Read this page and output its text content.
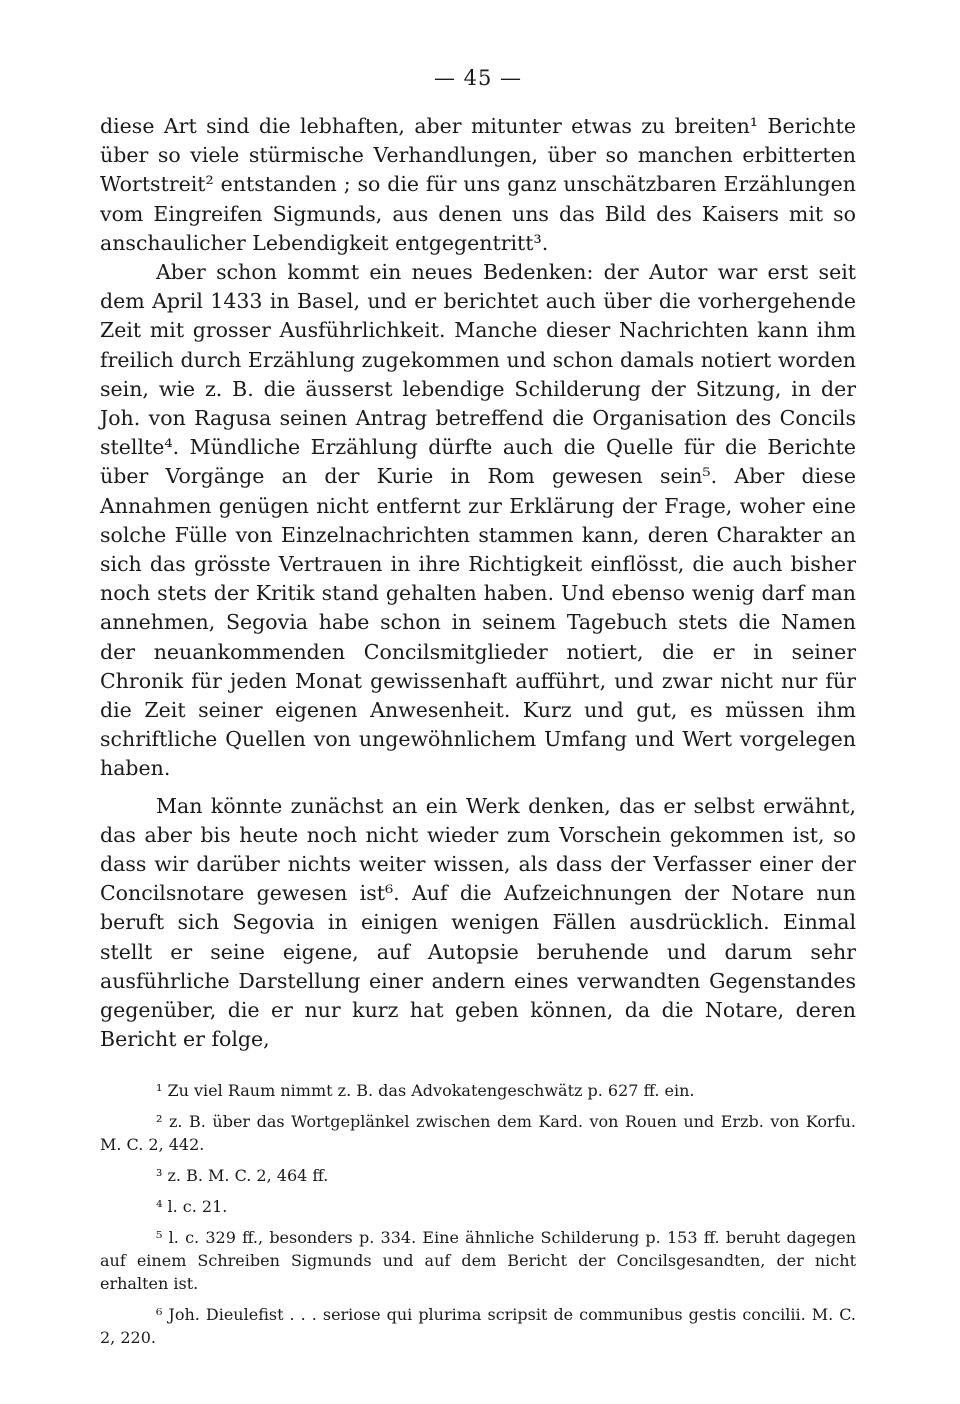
— 45 —

diese Art sind die lebhaften, aber mitunter etwas zu breiten¹ Berichte über so viele stürmische Verhandlungen, über so manchen erbitterten Wortstreit² entstanden ; so die für uns ganz unschätzbaren Erzählungen vom Eingreifen Sigmunds, aus denen uns das Bild des Kaisers mit so anschaulicher Lebendigkeit entgegentritt³.

Aber schon kommt ein neues Bedenken: der Autor war erst seit dem April 1433 in Basel, und er berichtet auch über die vorhergehende Zeit mit grosser Ausführlichkeit. Manche dieser Nachrichten kann ihm freilich durch Erzählung zugekommen und schon damals notiert worden sein, wie z. B. die äusserst lebendige Schilderung der Sitzung, in der Joh. von Ragusa seinen Antrag betreffend die Organisation des Concils stellte⁴. Mündliche Erzählung dürfte auch die Quelle für die Berichte über Vorgänge an der Kurie in Rom gewesen sein⁵. Aber diese Annahmen genügen nicht entfernt zur Erklärung der Frage, woher eine solche Fülle von Einzelnachrichten stammen kann, deren Charakter an sich das grösste Vertrauen in ihre Richtigkeit einflösst, die auch bisher noch stets der Kritik stand gehalten haben. Und ebenso wenig darf man annehmen, Segovia habe schon in seinem Tagebuch stets die Namen der neuankommenden Concilsmitglieder notiert, die er in seiner Chronik für jeden Monat gewissenhaft aufführt, und zwar nicht nur für die Zeit seiner eigenen Anwesenheit. Kurz und gut, es müssen ihm schriftliche Quellen von ungewöhnlichem Umfang und Wert vorgelegen haben.

Man könnte zunächst an ein Werk denken, das er selbst erwähnt, das aber bis heute noch nicht wieder zum Vorschein gekommen ist, so dass wir darüber nichts weiter wissen, als dass der Verfasser einer der Concilsnotare gewesen ist⁶. Auf die Aufzeichnungen der Notare nun beruft sich Segovia in einigen wenigen Fällen ausdrücklich. Einmal stellt er seine eigene, auf Autopsie beruhende und darum sehr ausführliche Darstellung einer andern eines verwandten Gegenstandes gegenüber, die er nur kurz hat geben können, da die Notare, deren Bericht er folge,

¹ Zu viel Raum nimmt z. B. das Advokatengeschwätz p. 627 ff. ein.

² z. B. über das Wortgeplänkel zwischen dem Kard. von Rouen und Erzb. von Korfu. M. C. 2, 442.

³ z. B. M. C. 2, 464 ff.

⁴ l. c. 21.

⁵ l. c. 329 ff., besonders p. 334. Eine ähnliche Schilderung p. 153 ff. beruht dagegen auf einem Schreiben Sigmunds und auf dem Bericht der Concilsgesandten, der nicht erhalten ist.

⁶ Joh. Dieulefist . . . seriose qui plurima scripsit de communibus gestis concilii. M. C. 2, 220.
